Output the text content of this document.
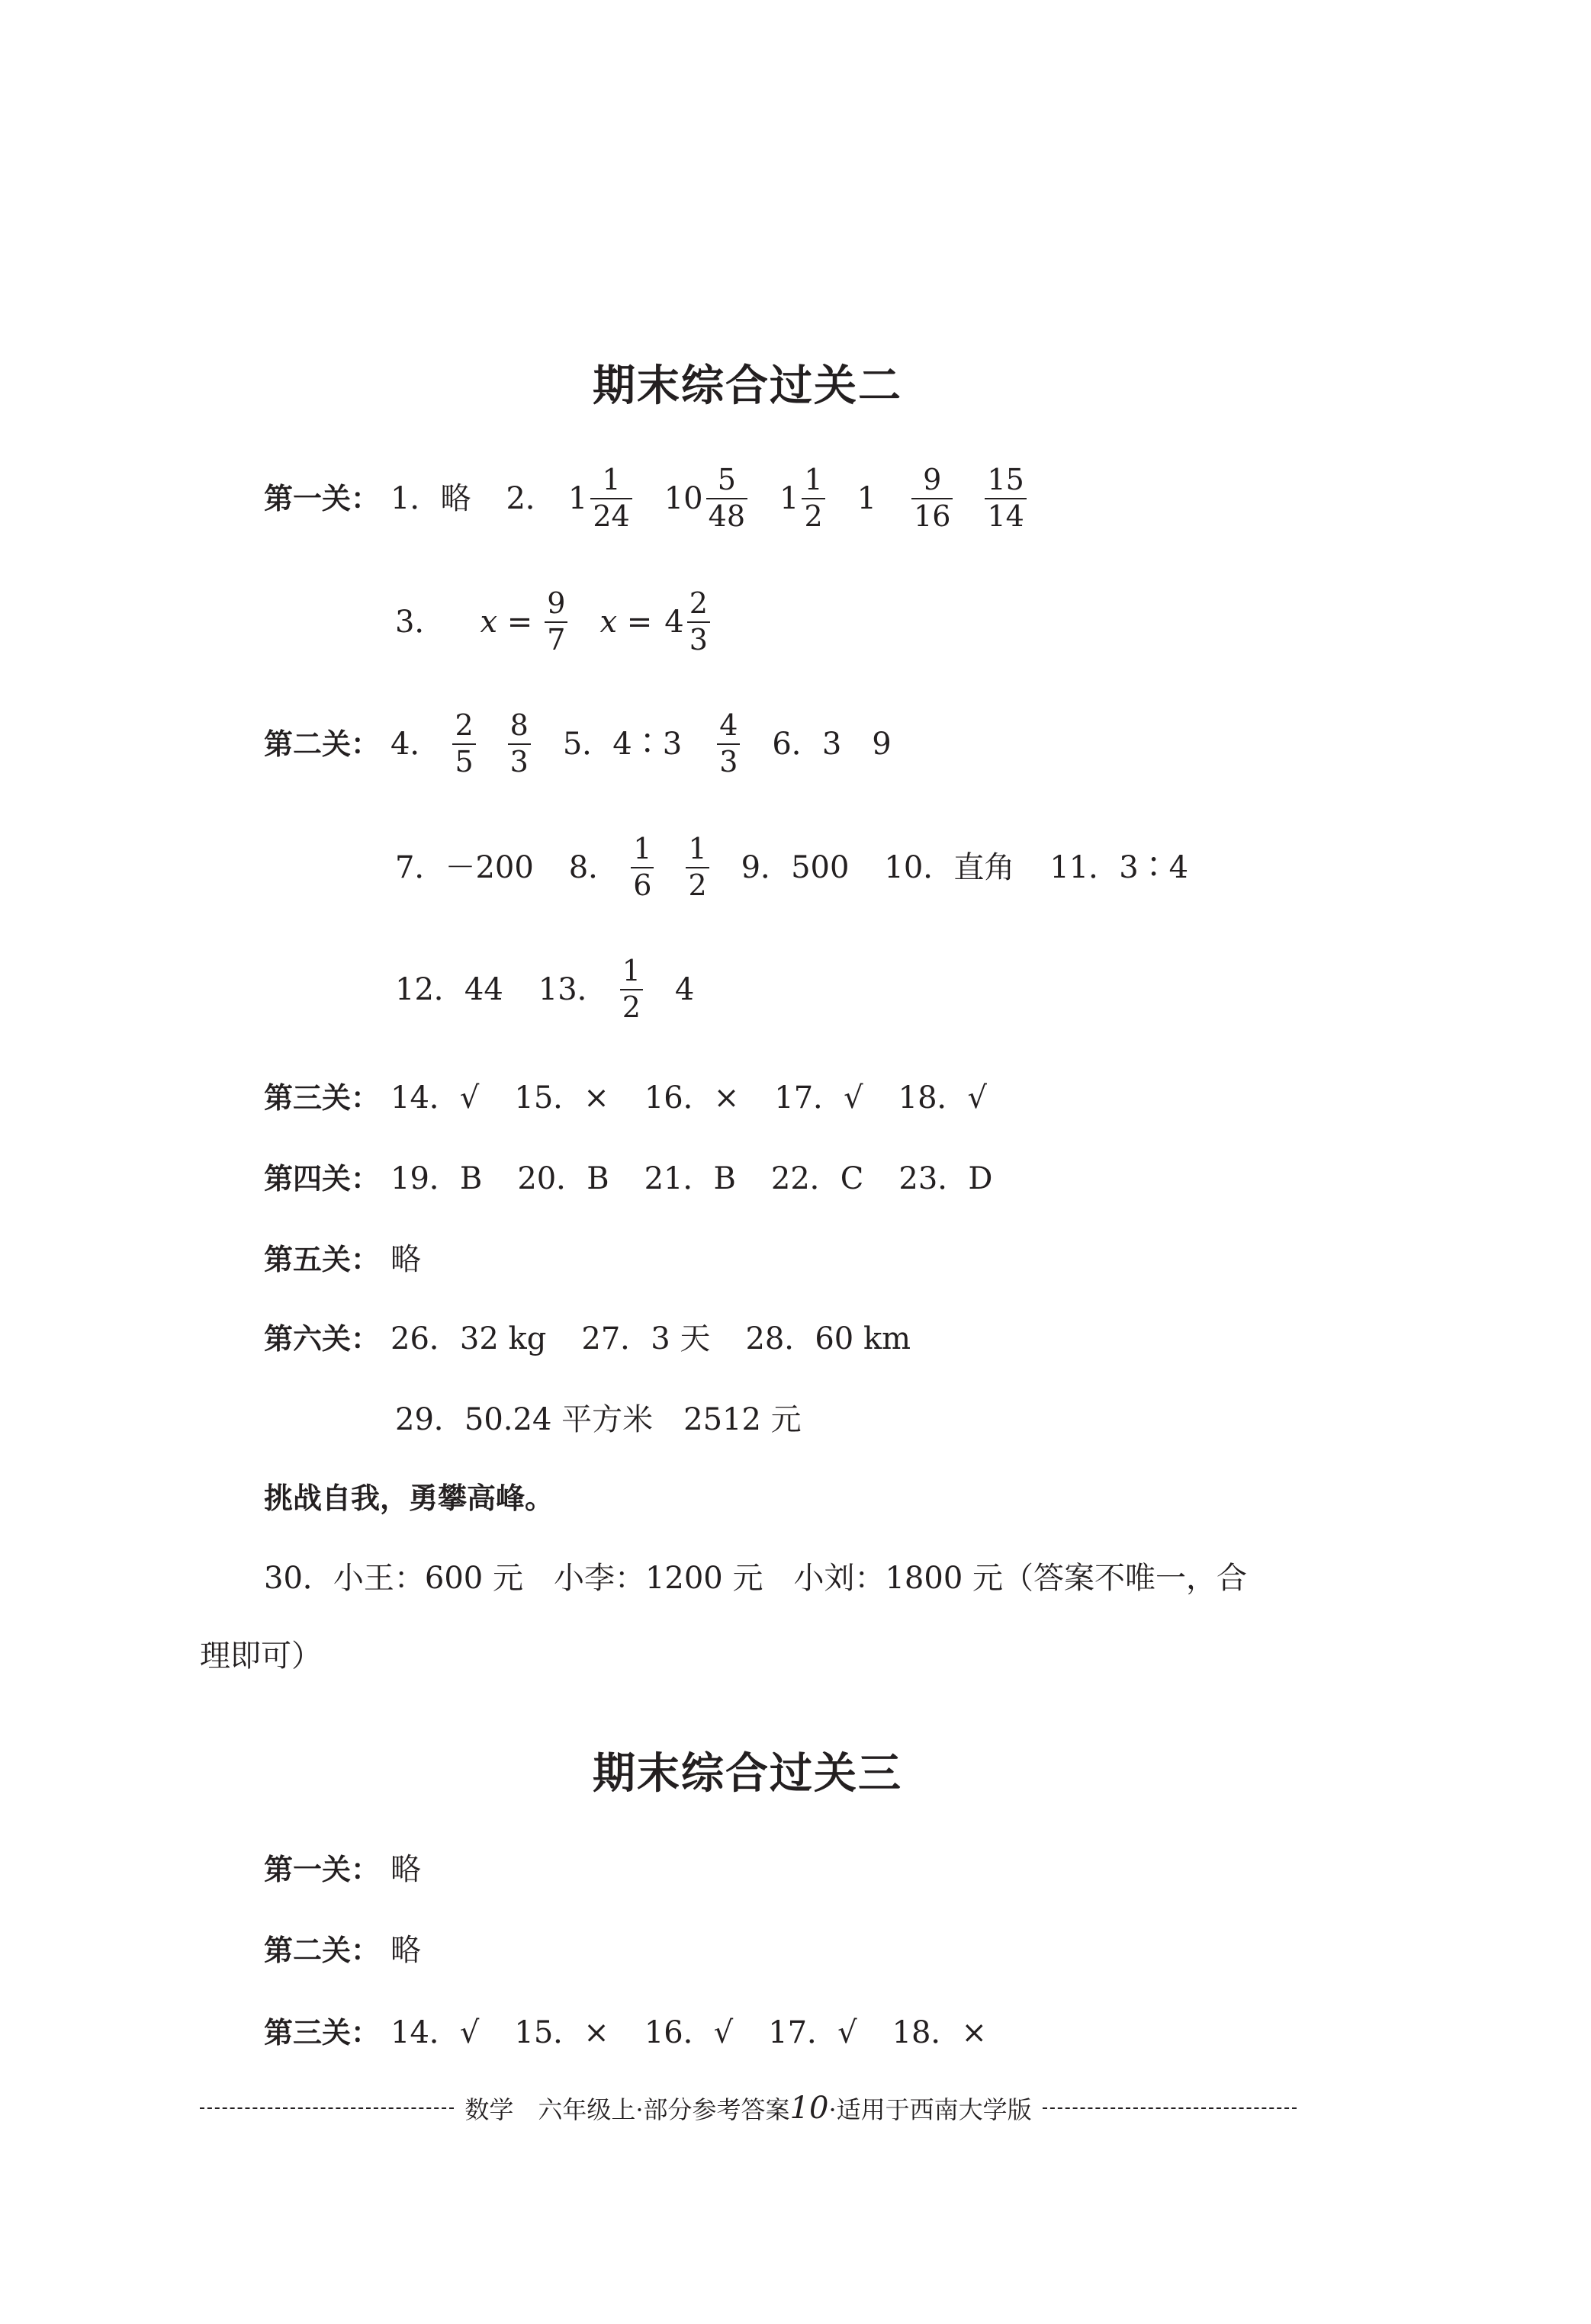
期末综合过关二
第一关： 1．略 2． $1 \frac{1}{24} 10 \frac{5}{48} 1 \frac{1}{2} 1 \frac{9}{16} \frac{15}{14}$
3． $x = \frac{9}{7}$ $x = 4 \frac{2}{3}$
第二关： 4． $\frac{2}{5} \frac{8}{3} 5$．4∶3 $\frac{4}{3} 6$．3　9
7．－200 8． $\frac{1}{6} \frac{1}{2} 9$．500 10．直角 11．3∶4
12．44 13． $\frac{1}{2} 4$
第三关： 14．√ 15．× 16．× 17．√ 18．√
第四关： 19．B 20．B 21．B 22．C 23．D
第五关： 略
第六关： 26．32 kg 27．3 天 28．60 km
29．50.24 平方米　2512 元
挑战自我，勇攀高峰。
30．小王：600 元　小李：1200 元　小刘：1800 元（答案不唯一，合
理即可）
期末综合过关三
第一关： 略
第二关： 略
第三关： 14．√ 15．× 16．√ 17．√ 18．×
数学　六年级上·部分参考答案10·适用于西南大学版
